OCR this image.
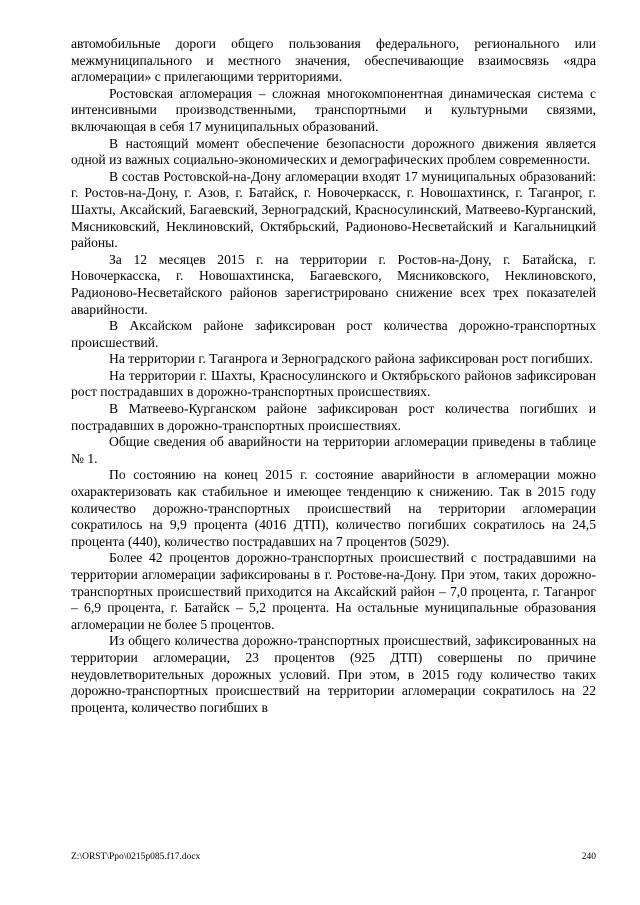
автомобильные дороги общего пользования федерального, регионального или межмуниципального и местного значения, обеспечивающие взаимосвязь «ядра агломерации» с прилегающими территориями.

Ростовская агломерация – сложная многокомпонентная динамическая система с интенсивными производственными, транспортными и культурными связями, включающая в себя 17 муниципальных образований.

В настоящий момент обеспечение безопасности дорожного движения является одной из важных социально-экономических и демографических проблем современности.

В состав Ростовской-на-Дону агломерации входят 17 муниципальных образований: г. Ростов-на-Дону, г. Азов, г. Батайск, г. Новочеркасск, г. Новошахтинск, г. Таганрог, г. Шахты, Аксайский, Багаевский, Зерноградский, Красносулинский, Матвеево-Курганский, Мясниковский, Неклиновский, Октябрьский, Радионово-Несветайский и Кагальницкий районы.

За 12 месяцев 2015 г. на территории г. Ростов-на-Дону, г. Батайска, г. Новочеркасска, г. Новошахтинска, Багаевского, Мясниковского, Неклиновского, Радионово-Несветайского районов зарегистрировано снижение всех трех показателей аварийности.

В Аксайском районе зафиксирован рост количества дорожно-транспортных происшествий.

На территории г. Таганрога и Зерноградского района зафиксирован рост погибших.

На территории г. Шахты, Красносулинского и Октябрьского районов зафиксирован рост пострадавших в дорожно-транспортных происшествиях.

В Матвеево-Курганском районе зафиксирован рост количества погибших и пострадавших в дорожно-транспортных происшествиях.

Общие сведения об аварийности на территории агломерации приведены в таблице № 1.

По состоянию на конец 2015 г. состояние аварийности в агломерации можно охарактеризовать как стабильное и имеющее тенденцию к снижению. Так в 2015 году количество дорожно-транспортных происшествий на территории агломерации сократилось на 9,9 процента (4016 ДТП), количество погибших сократилось на 24,5 процента (440), количество пострадавших на 7 процентов (5029).

Более 42 процентов дорожно-транспортных происшествий с пострадавшими на территории агломерации зафиксированы в г. Ростове-на-Дону. При этом, таких дорожно-транспортных происшествий приходится на Аксайский район – 7,0 процента, г. Таганрог – 6,9 процента, г. Батайск – 5,2 процента. На остальные муниципальные образования агломерации не более 5 процентов.

Из общего количества дорожно-транспортных происшествий, зафиксированных на территории агломерации, 23 процентов (925 ДТП) совершены по причине неудовлетворительных дорожных условий. При этом, в 2015 году количество таких дорожно-транспортных происшествий на территории агломерации сократилось на 22 процента, количество погибших в

Z:\ORST\Ppo\0215p085.f17.docx	240
